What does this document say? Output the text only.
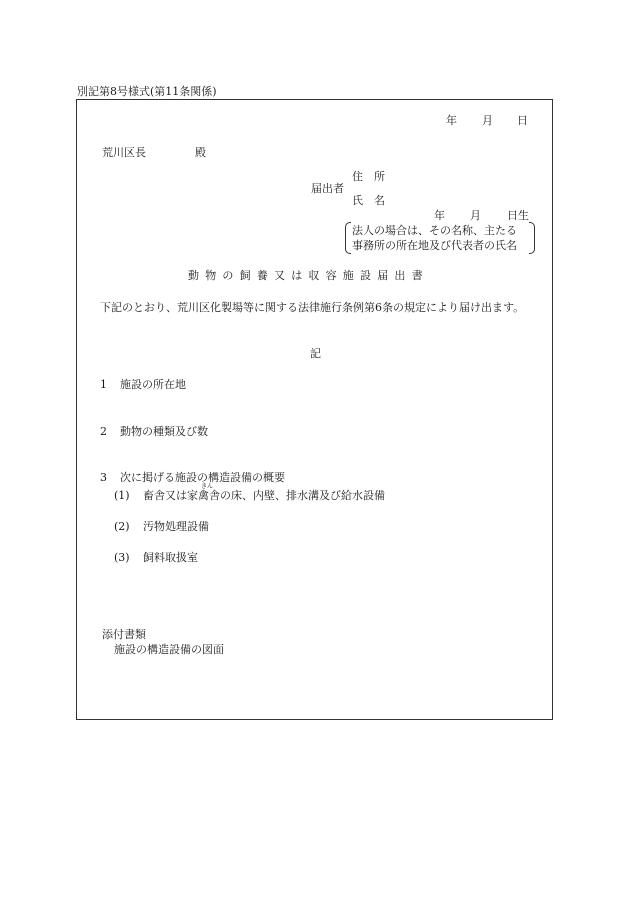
別記第8号様式(第11条関係)
年 月 日
荒川区長	殿
届出者
住　所
氏　名
年 月 日生
法人の場合は、その名称、主たる
事務所の所在地及び代表者の氏名
動物の飼養又は収容施設届出書
下記のとおり、荒川区化製場等に関する法律施行条例第6条の規定により届け出ます。
記
1 施設の所在地
2 動物の種類及び数
3 次に掲げる施設の構造設備の概要
きん
(1) 畜舎又は家禽舎の床、内壁、排水溝及び給水設備
(2) 汚物処理設備
(3) 飼料取扱室
添付書類
施設の構造設備の図面
